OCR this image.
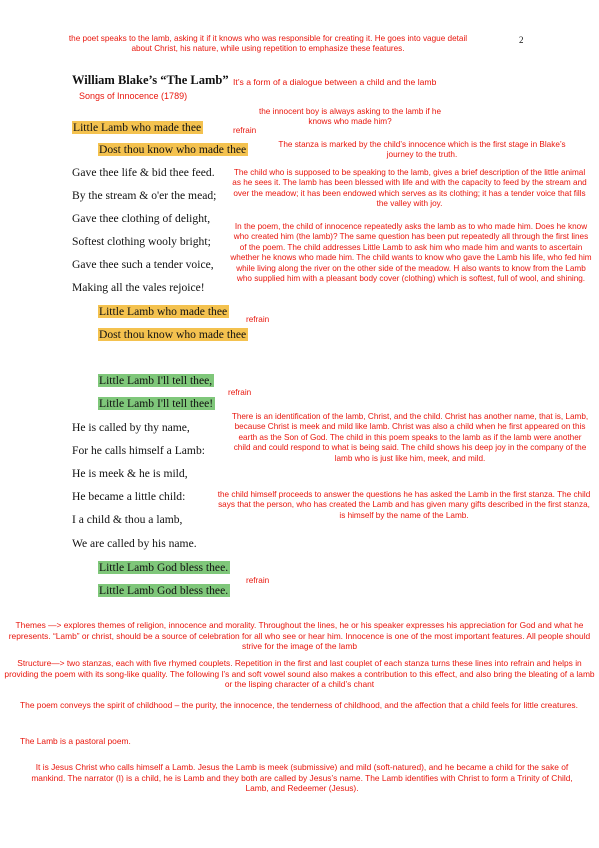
2
the poet speaks to the lamb, asking it if it knows who was responsible for creating it. He goes into vague detail about Christ, his nature, while using repetition to emphasize these features.
William Blake’s “The Lamb”
Songs of Innocence (1789)
It’s a form of a dialogue between a child and the lamb
Little Lamb who made thee
Dost thou know who made thee
Gave thee life & bid thee feed.
By the stream & o'er the mead;
Gave thee clothing of delight,
Softest clothing wooly bright;
Gave thee such a tender voice,
Making all the vales rejoice!
Little Lamb who made thee
Dost thou know who made thee
Little Lamb I'll tell thee,
Little Lamb I'll tell thee!
He is called by thy name,
For he calls himself a Lamb:
He is meek & he is mild,
He became a little child:
I a child & thou a lamb,
We are called by his name.
Little Lamb God bless thee.
Little Lamb God bless thee.
the innocent boy is always asking to the lamb if he knows who made him?
refrain
The stanza is marked by the child’s innocence which is the first stage in Blake’s journey to the truth.
The child who is supposed to be speaking to the lamb, gives a brief description of the little animal as he sees it. The lamb has been blessed with life and with the capacity to feed by the stream and over the meadow; it has been endowed which serves as its clothing; it has a tender voice that fills the valley with joy.
In the poem, the child of innocence repeatedly asks the lamb as to who made him. Does he know who created him (the lamb)? The same question has been put repeatedly all through the first lines of the poem. The child addresses Little Lamb to ask him who made him and wants to ascertain whether he knows who made him. The child wants to know who gave the Lamb his life, who fed him while living along the river on the other side of the meadow. H also wants to know from the Lamb who supplied him with a pleasant body cover (clothing) which is softest, full of wool, and shining.
refrain
refrain
There is an identification of the lamb, Christ, and the child. Christ has another name, that is, Lamb, because Christ is meek and mild like lamb. Christ was also a child when he first appeared on this earth as the Son of God. The child in this poem speaks to the lamb as if the lamb were another child and could respond to what is being said. The child shows his deep joy in the company of the lamb who is just like him, meek, and mild.
the child himself proceeds to answer the questions he has asked the Lamb in the first stanza. The child says that the person, who has created the Lamb and has given many gifts described in the first stanza, is himself by the name of the Lamb.
refrain
Themes —> explores themes of religion, innocence and morality. Throughout the lines, he or his speaker expresses his appreciation for God and what he represents. “Lamb” or christ, should be a source of celebration for all who see or hear him. Innocence is one of the most important features. All people should strive for the image of the lamb
Structure—> two stanzas, each with five rhymed couplets. Repetition in the first and last couplet of each stanza turns these lines into refrain and helps in providing the poem with its song-like quality. The following l’s and soft vowel sound also makes a contribution to this effect, and also bring the bleating of a lamb or the lisping character of a child’s chant
The poem conveys the spirit of childhood – the purity, the innocence, the tenderness of childhood, and the affection that a child feels for little creatures.
The Lamb is a pastoral poem.
It is Jesus Christ who calls himself a Lamb. Jesus the Lamb is meek (submissive) and mild (soft-natured), and he became a child for the sake of mankind. The narrator (I) is a child, he is Lamb and they both are called by Jesus’s name. The Lamb identifies with Christ to form a Trinity of Child, Lamb, and Redeemer (Jesus).
